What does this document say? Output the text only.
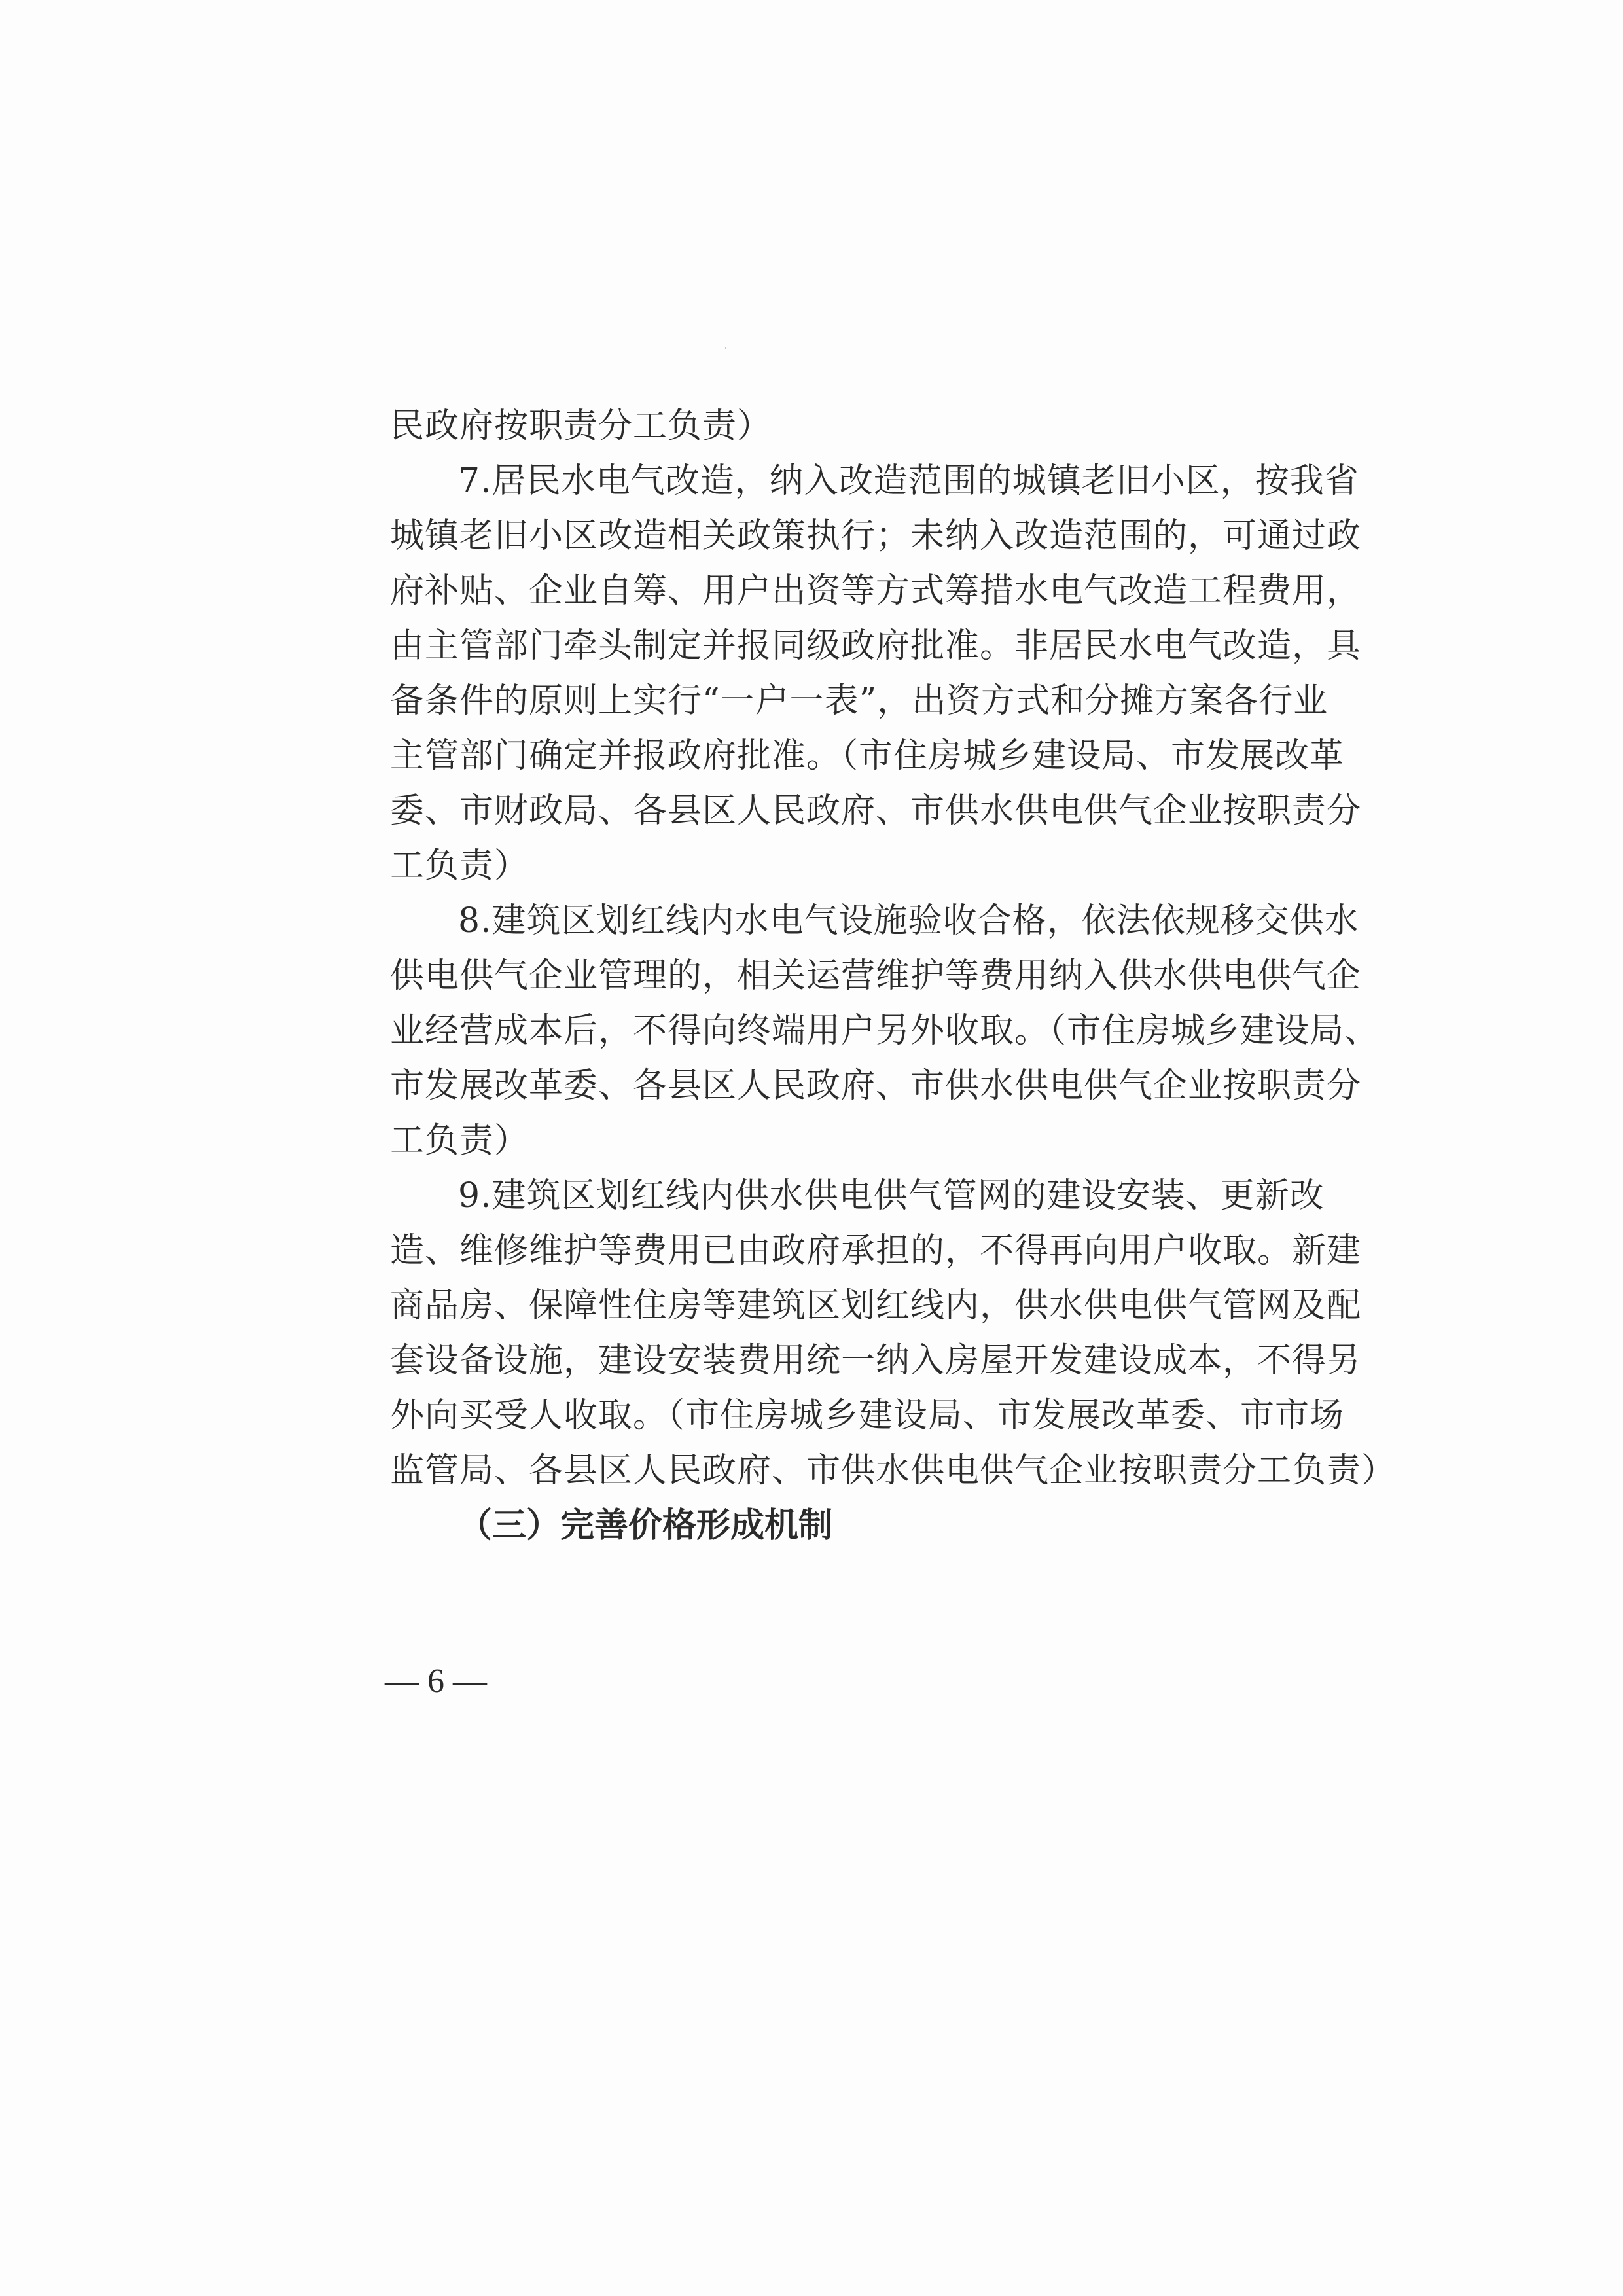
民政府按职责分工负责）
7.居民水电气改造，纳入改造范围的城镇老旧小区，按我省
城镇老旧小区改造相关政策执行；未纳入改造范围的，可通过政
府补贴、企业自筹、用户出资等方式筹措水电气改造工程费用，
由主管部门牵头制定并报同级政府批准。非居民水电气改造，具
备条件的原则上实行“一户一表”，出资方式和分摊方案各行业
主管部门确定并报政府批准。（市住房城乡建设局、市发展改革
委、市财政局、各县区人民政府、市供水供电供气企业按职责分
工负责）
8.建筑区划红线内水电气设施验收合格，依法依规移交供水
供电供气企业管理的，相关运营维护等费用纳入供水供电供气企
业经营成本后，不得向终端用户另外收取。（市住房城乡建设局、
市发展改革委、各县区人民政府、市供水供电供气企业按职责分
工负责）
9.建筑区划红线内供水供电供气管网的建设安装、更新改
造、维修维护等费用已由政府承担的，不得再向用户收取。新建
商品房、保障性住房等建筑区划红线内，供水供电供气管网及配
套设备设施，建设安装费用统一纳入房屋开发建设成本，不得另
外向买受人收取。（市住房城乡建设局、市发展改革委、市市场
监管局、各县区人民政府、市供水供电供气企业按职责分工负责）
（三）完善价格形成机制
— 6 —
